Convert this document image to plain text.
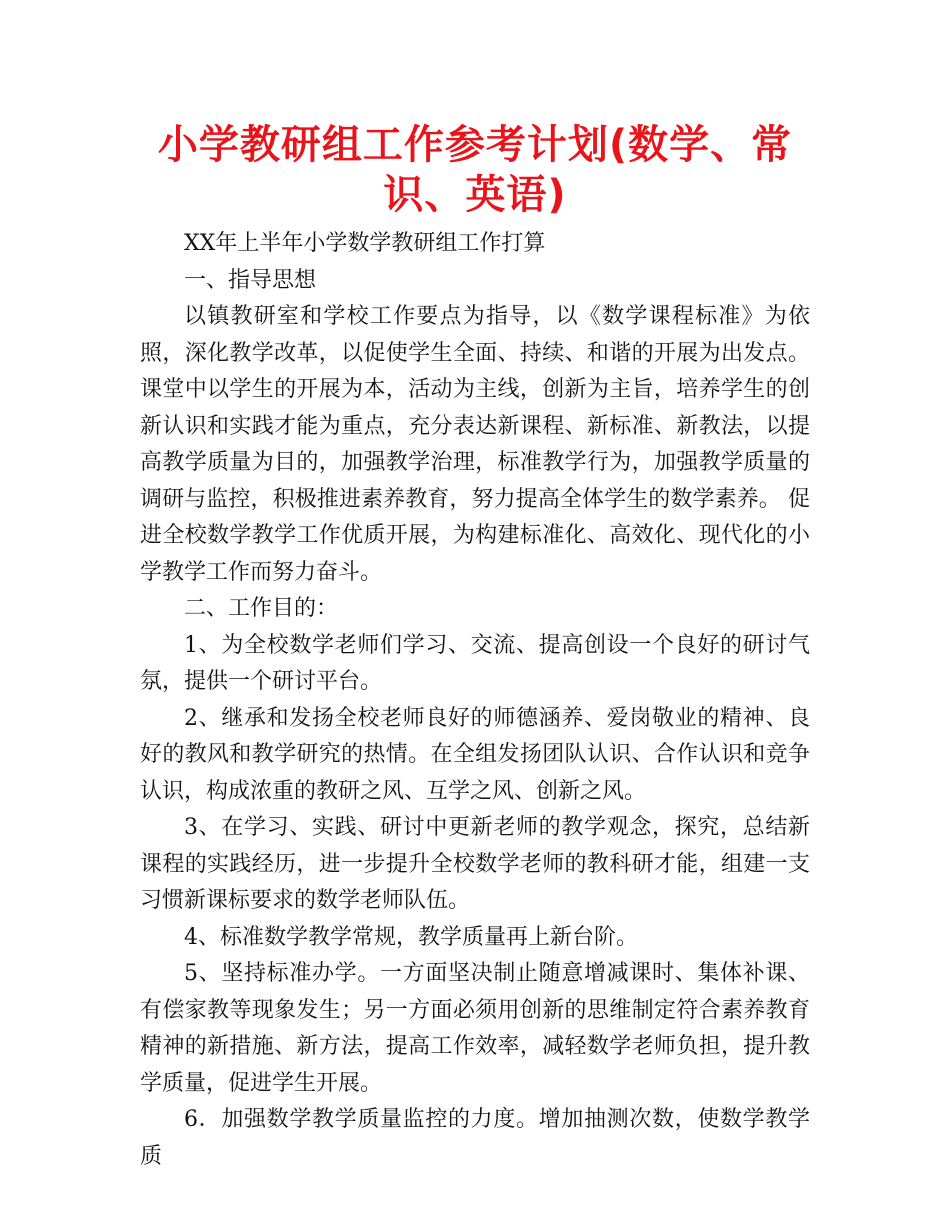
小学教研组工作参考计划(数学、常识、英语)

XX年上半年小学数学教研组工作打算

一、指导思想

以镇教研室和学校工作要点为指导，以《数学课程标准》为依照，深化教学改革，以促使学生全面、持续、和谐的开展为出发点。课堂中以学生的开展为本，活动为主线，创新为主旨，培养学生的创新认识和实践才能为重点，充分表达新课程、新标准、新教法，以提高教学质量为目的，加强教学治理，标准教学行为，加强教学质量的调研与监控，积极推进素养教育，努力提高全体学生的数学素养。 促进全校数学教学工作优质开展，为构建标准化、高效化、现代化的小学教学工作而努力奋斗。

二、工作目的：

1、为全校数学老师们学习、交流、提高创设一个良好的研讨气氛，提供一个研讨平台。

2、继承和发扬全校老师良好的师德涵养、爱岗敬业的精神、良好的教风和教学研究的热情。在全组发扬团队认识、合作认识和竞争认识，构成浓重的教研之风、互学之风、创新之风。

3、在学习、实践、研讨中更新老师的教学观念，探究，总结新课程的实践经历，进一步提升全校数学老师的教科研才能，组建一支习惯新课标要求的数学老师队伍。

4、标准数学教学常规，教学质量再上新台阶。

5、坚持标准办学。一方面坚决制止随意增减课时、集体补课、有偿家教等现象发生；另一方面必须用创新的思维制定符合素养教育精神的新措施、新方法，提高工作效率，减轻数学老师负担，提升教学质量，促进学生开展。

6．加强数学教学质量监控的力度。增加抽测次数，使数学教学质
